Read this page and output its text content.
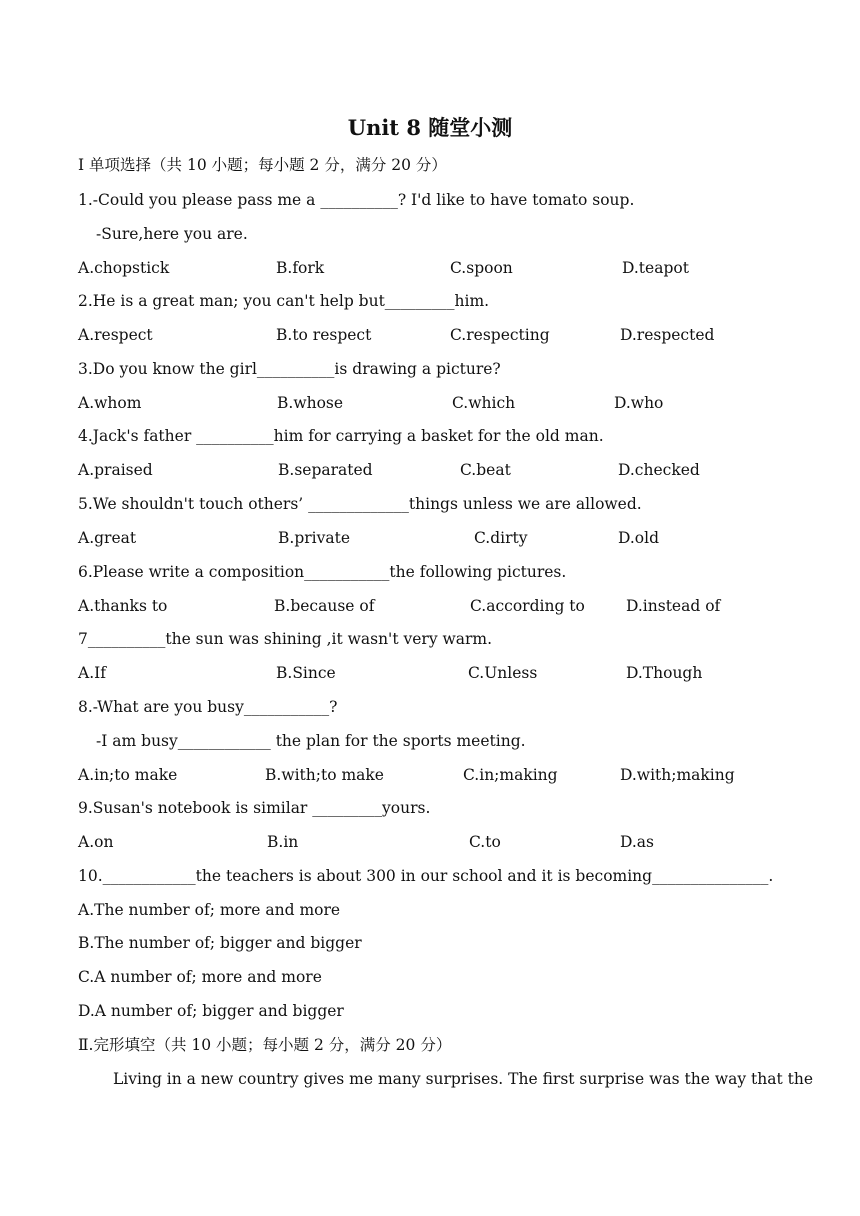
Unit 8 随堂小测
Ⅰ 单项选择（共 10 小题；每小题 2 分，满分 20 分）
1.-Could you please pass me a __________? I'd like to have tomato soup.
-Sure,here you are.
A.chopstick	B.fork	C.spoon	D.teapot
2.He is a great man; you can't help but_________him.
A.respect	B.to respect	C.respecting	D.respected
3.Do you know the girl__________is drawing a picture?
A.whom	B.whose	C.which	D.who
4.Jack's father __________him for carrying a basket for the old man.
A.praised	B.separated	C.beat	D.checked
5.We shouldn't touch others’ _____________things unless we are allowed.
A.great	B.private	C.dirty	D.old
6.Please write a composition___________the following pictures.
A.thanks to	B.because of	C.according to	D.instead of
7__________the sun was shining ,it wasn't very warm.
A.If	B.Since	C.Unless	D.Though
8.-What are you busy___________?
-I am busy____________ the plan for the sports meeting.
A.in;to make	B.with;to make	C.in;making	D.with;making
9.Susan's notebook is similar _________yours.
A.on	B.in	C.to	D.as
10.____________the teachers is about 300 in our school and it is becoming_______________.
A.The number of; more and more
B.The number of; bigger and bigger
C.A number of; more and more
D.A number of; bigger and bigger
Ⅱ.完形填空（共 10 小题；每小题 2 分，满分 20 分）
Living in a new country gives me many surprises. The first surprise was the way that the
